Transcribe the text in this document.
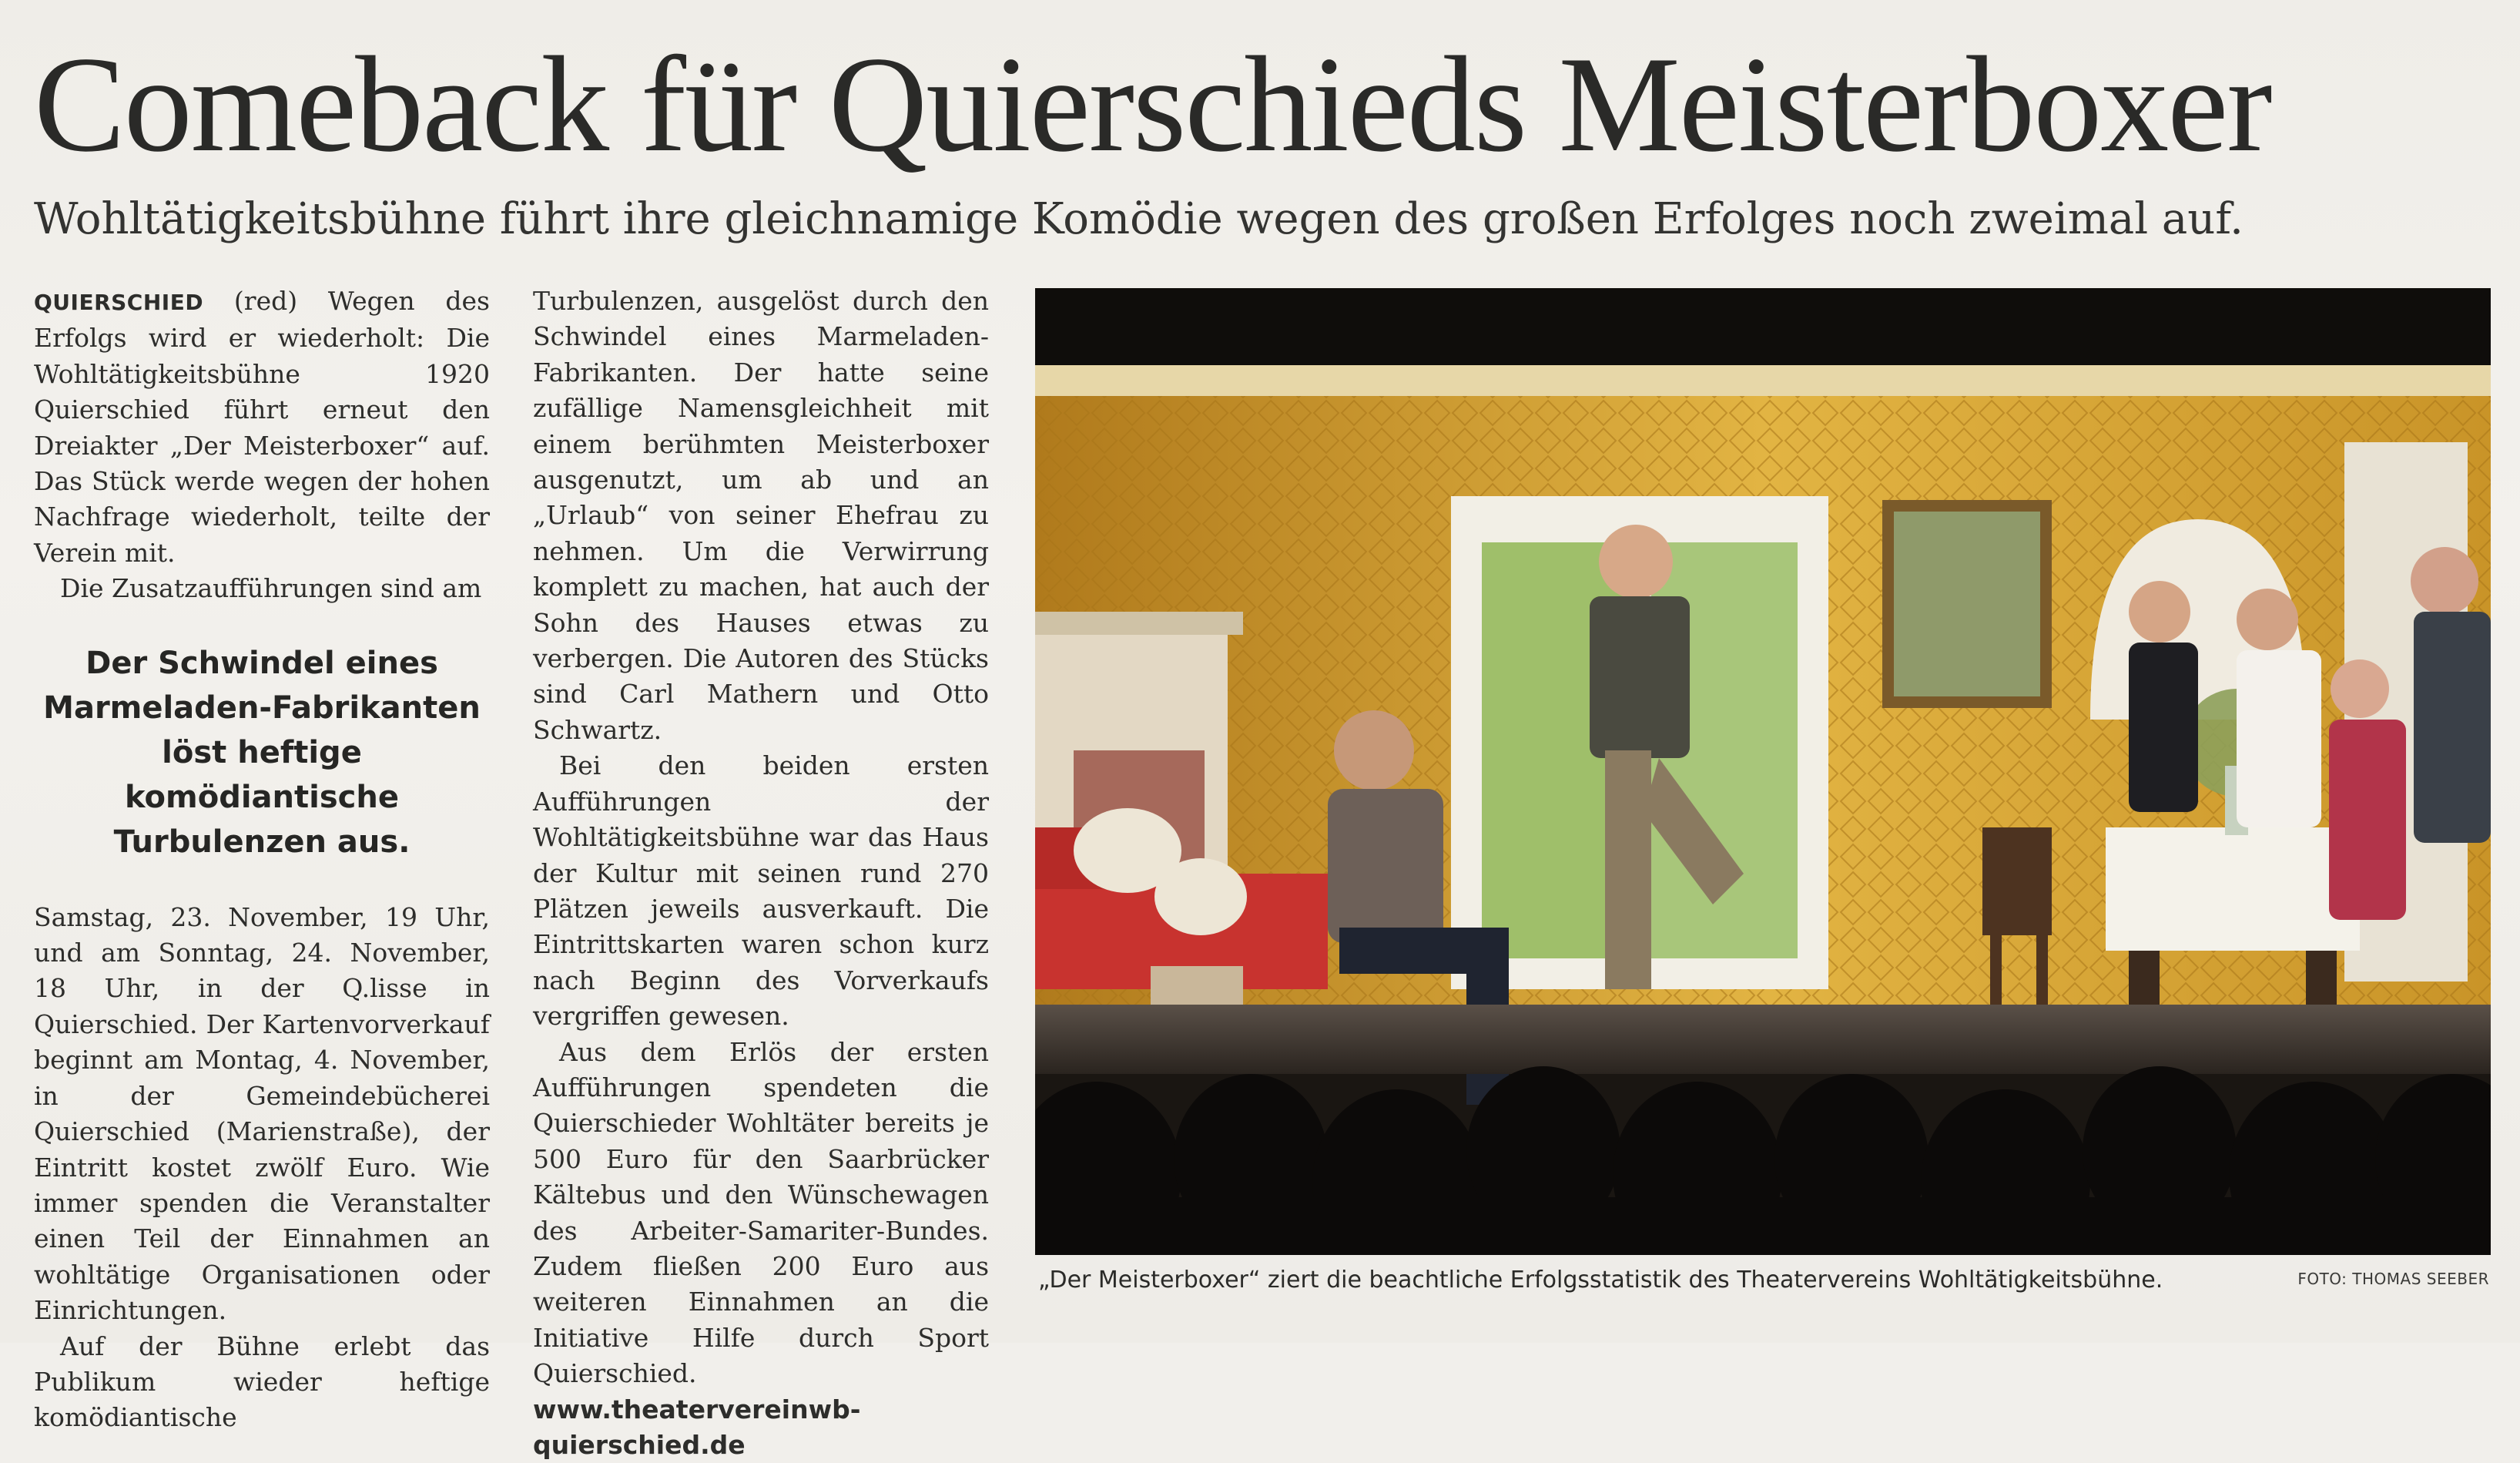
Comeback für Quierschieds Meisterboxer
Wohltätigkeitsbühne führt ihre gleichnamige Komödie wegen des großen Erfolges noch zweimal auf.

QUIERSCHIED (red) Wegen des Erfolgs wird er wiederholt: Die Wohltätigkeitsbühne 1920 Quierschied führt erneut den Dreiakter „Der Meisterboxer“ auf. Das Stück werde wegen der hohen Nachfrage wiederholt, teilte der Verein mit.

Die Zusatzaufführungen sind am

Der Schwindel eines Marmeladen-Fabrikanten löst heftige komödiantische Turbulenzen aus.

Samstag, 23. November, 19 Uhr, und am Sonntag, 24. November, 18 Uhr, in der Q.lisse in Quierschied. Der Kartenvorverkauf beginnt am Montag, 4. November, in der Gemeindebücherei Quierschied (Marienstraße), der Eintritt kostet zwölf Euro. Wie immer spenden die Veranstalter einen Teil der Einnahmen an wohltätige Organisationen oder Einrichtungen.

Auf der Bühne erlebt das Publikum wieder heftige komödiantische

Turbulenzen, ausgelöst durch den Schwindel eines Marmeladen-Fabrikanten. Der hatte seine zufällige Namensgleichheit mit einem berühmten Meisterboxer ausgenutzt, um ab und an „Urlaub“ von seiner Ehefrau zu nehmen. Um die Verwirrung komplett zu machen, hat auch der Sohn des Hauses etwas zu verbergen. Die Autoren des Stücks sind Carl Mathern und Otto Schwartz.

Bei den beiden ersten Aufführungen der Wohltätigkeitsbühne war das Haus der Kultur mit seinen rund 270 Plätzen jeweils ausverkauft. Die Eintrittskarten waren schon kurz nach Beginn des Vorverkaufs vergriffen gewesen.

Aus dem Erlös der ersten Aufführungen spendeten die Quierschieder Wohltäter bereits je 500 Euro für den Saarbrücker Kältebus und den Wünschewagen des Arbeiter-Samariter-Bundes. Zudem fließen 200 Euro aus weiteren Einnahmen an die Initiative Hilfe durch Sport Quierschied.

www.theatervereinwb-quierschied.de

„Der Meisterboxer“ ziert die beachtliche Erfolgsstatistik des Theatervereins Wohltätigkeitsbühne.	FOTO: THOMAS SEEBER
